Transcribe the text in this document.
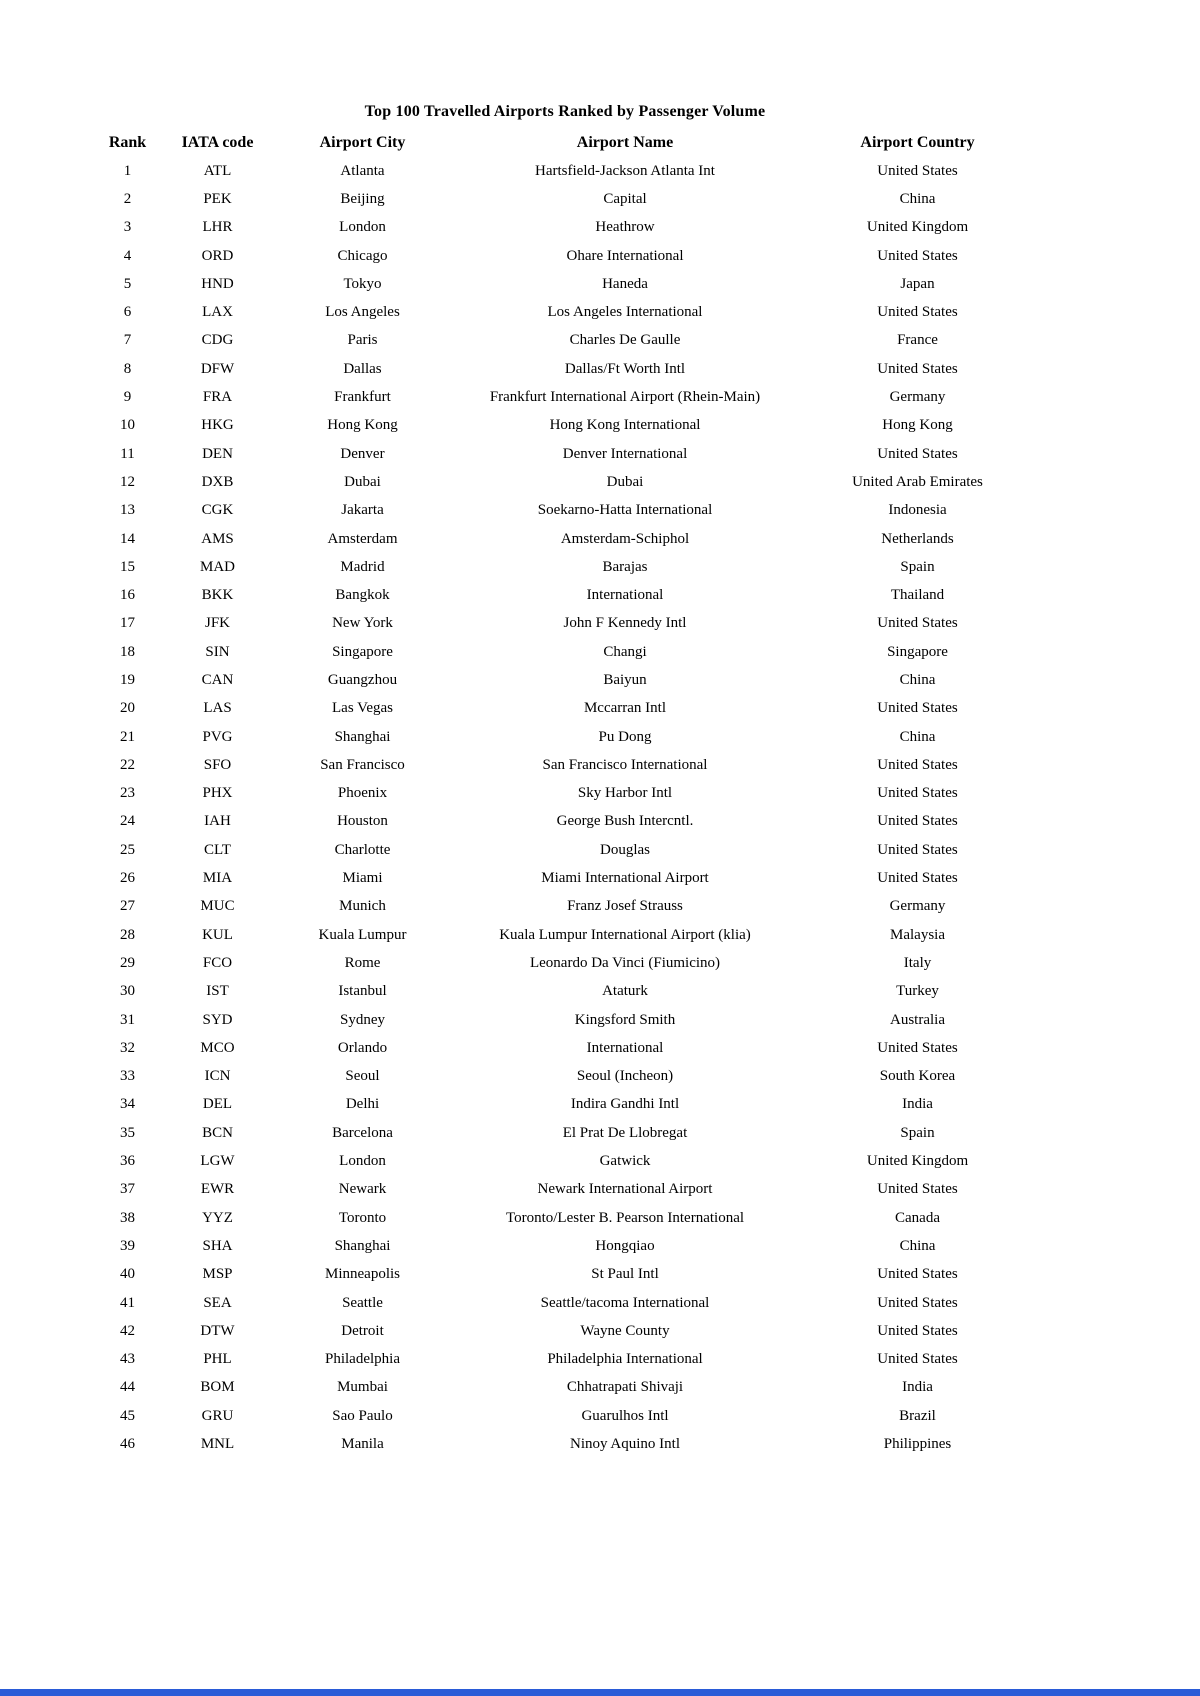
Top 100 Travelled Airports Ranked by Passenger Volume
Rank	IATA code	Airport City	Airport Name	Airport Country
1	ATL	Atlanta	Hartsfield-Jackson Atlanta Int	United States
2	PEK	Beijing	Capital	China
3	LHR	London	Heathrow	United Kingdom
4	ORD	Chicago	Ohare International	United States
5	HND	Tokyo	Haneda	Japan
6	LAX	Los Angeles	Los Angeles International	United States
7	CDG	Paris	Charles De Gaulle	France
8	DFW	Dallas	Dallas/Ft Worth Intl	United States
9	FRA	Frankfurt	Frankfurt International Airport (Rhein-Main)	Germany
10	HKG	Hong Kong	Hong Kong International	Hong Kong
11	DEN	Denver	Denver International	United States
12	DXB	Dubai	Dubai	United Arab Emirates
13	CGK	Jakarta	Soekarno-Hatta International	Indonesia
14	AMS	Amsterdam	Amsterdam-Schiphol	Netherlands
15	MAD	Madrid	Barajas	Spain
16	BKK	Bangkok	International	Thailand
17	JFK	New York	John F Kennedy Intl	United States
18	SIN	Singapore	Changi	Singapore
19	CAN	Guangzhou	Baiyun	China
20	LAS	Las Vegas	Mccarran Intl	United States
21	PVG	Shanghai	Pu Dong	China
22	SFO	San Francisco	San Francisco International	United States
23	PHX	Phoenix	Sky Harbor Intl	United States
24	IAH	Houston	George Bush Intercntl.	United States
25	CLT	Charlotte	Douglas	United States
26	MIA	Miami	Miami International Airport	United States
27	MUC	Munich	Franz Josef Strauss	Germany
28	KUL	Kuala Lumpur	Kuala Lumpur International Airport (klia)	Malaysia
29	FCO	Rome	Leonardo Da Vinci (Fiumicino)	Italy
30	IST	Istanbul	Ataturk	Turkey
31	SYD	Sydney	Kingsford Smith	Australia
32	MCO	Orlando	International	United States
33	ICN	Seoul	Seoul (Incheon)	South Korea
34	DEL	Delhi	Indira Gandhi Intl	India
35	BCN	Barcelona	El Prat De Llobregat	Spain
36	LGW	London	Gatwick	United Kingdom
37	EWR	Newark	Newark International Airport	United States
38	YYZ	Toronto	Toronto/Lester B. Pearson International	Canada
39	SHA	Shanghai	Hongqiao	China
40	MSP	Minneapolis	St Paul Intl	United States
41	SEA	Seattle	Seattle/tacoma International	United States
42	DTW	Detroit	Wayne County	United States
43	PHL	Philadelphia	Philadelphia International	United States
44	BOM	Mumbai	Chhatrapati Shivaji	India
45	GRU	Sao Paulo	Guarulhos Intl	Brazil
46	MNL	Manila	Ninoy Aquino Intl	Philippines
